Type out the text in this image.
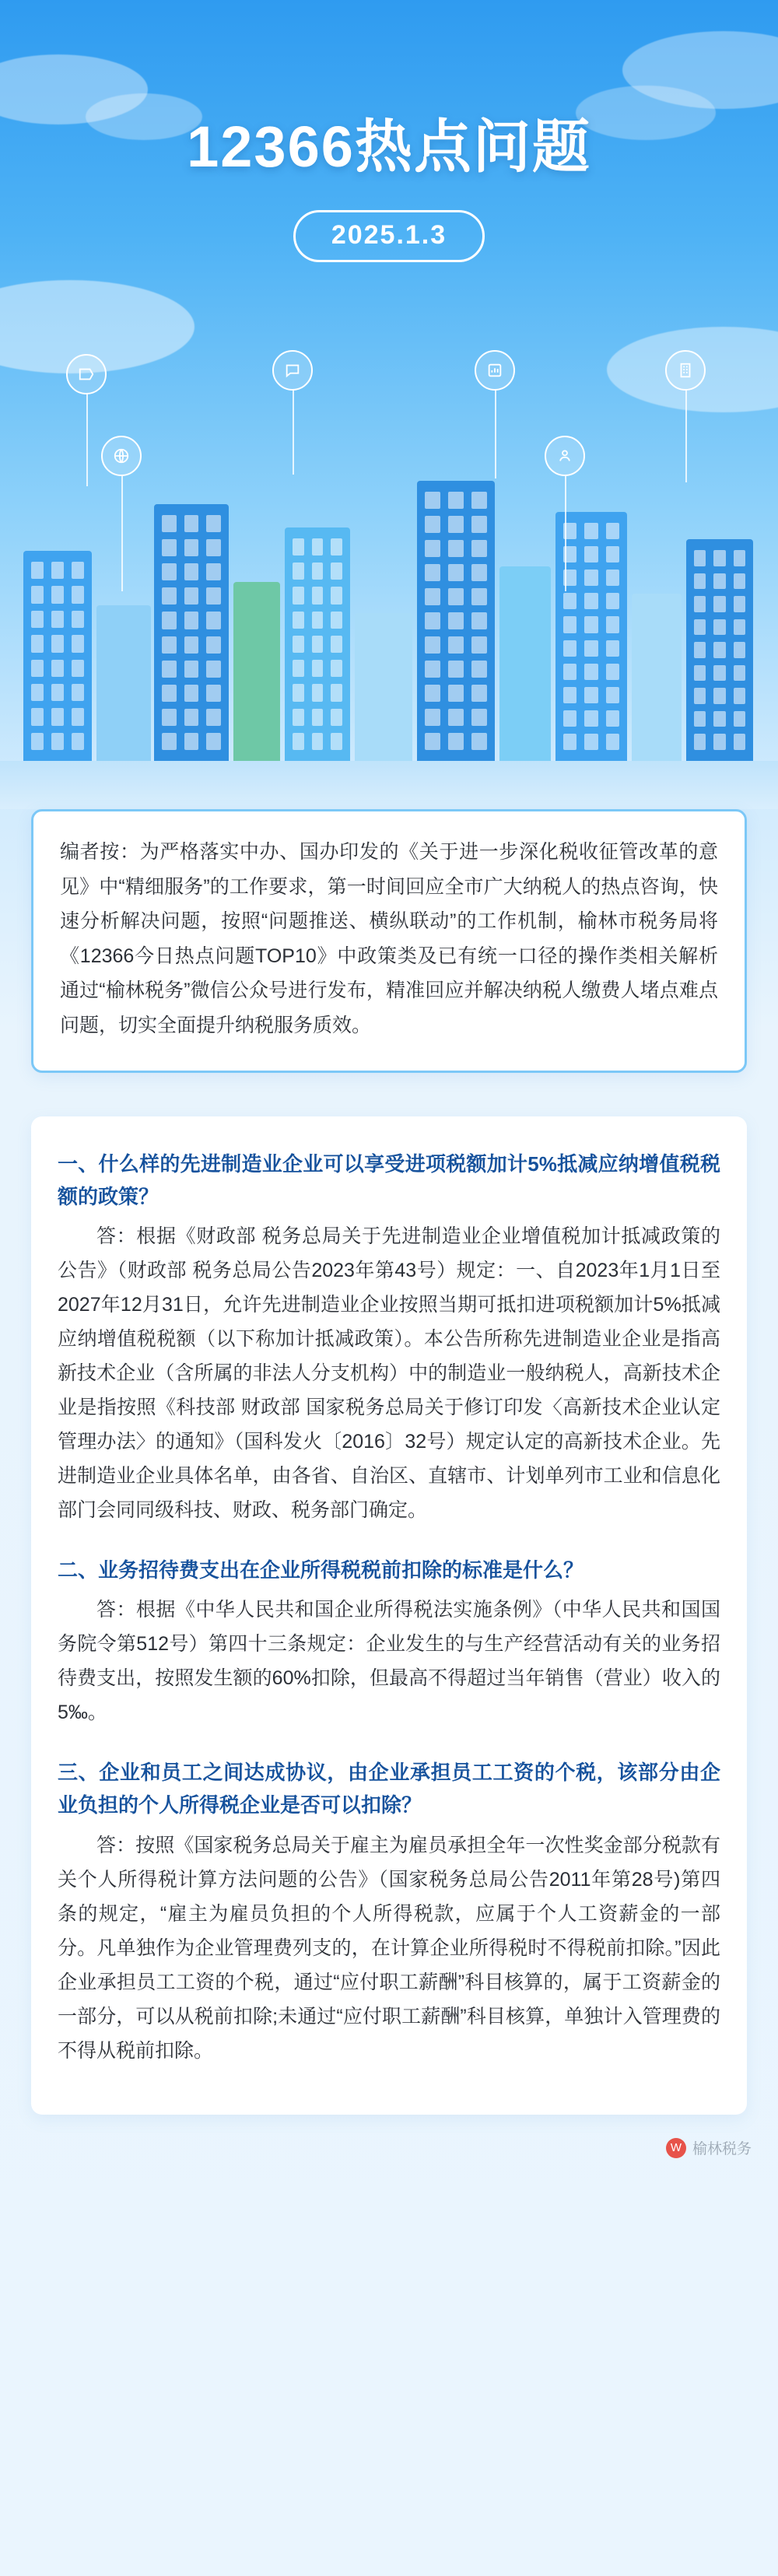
12366热点问题
2025.1.3

编者按：为严格落实中办、国办印发的《关于进一步深化税收征管改革的意见》中“精细服务”的工作要求，第一时间回应全市广大纳税人的热点咨询，快速分析解决问题，按照“问题推送、横纵联动”的工作机制，榆林市税务局将《12366今日热点问题TOP10》中政策类及已有统一口径的操作类相关解析通过“榆林税务”微信公众号进行发布，精准回应并解决纳税人缴费人堵点难点问题，切实全面提升纳税服务质效。

一、什么样的先进制造业企业可以享受进项税额加计5%抵减应纳增值税税额的政策？

答：根据《财政部 税务总局关于先进制造业企业增值税加计抵减政策的公告》（财政部 税务总局公告2023年第43号）规定：一、自2023年1月1日至2027年12月31日，允许先进制造业企业按照当期可抵扣进项税额加计5%抵减应纳增值税税额（以下称加计抵减政策）。本公告所称先进制造业企业是指高新技术企业（含所属的非法人分支机构）中的制造业一般纳税人，高新技术企业是指按照《科技部 财政部 国家税务总局关于修订印发〈高新技术企业认定管理办法〉的通知》（国科发火〔2016〕32号）规定认定的高新技术企业。先进制造业企业具体名单，由各省、自治区、直辖市、计划单列市工业和信息化部门会同同级科技、财政、税务部门确定。

二、业务招待费支出在企业所得税税前扣除的标准是什么？

答：根据《中华人民共和国企业所得税法实施条例》（中华人民共和国国务院令第512号）第四十三条规定：企业发生的与生产经营活动有关的业务招待费支出，按照发生额的60%扣除，但最高不得超过当年销售（营业）收入的5‰。

三、企业和员工之间达成协议，由企业承担员工工资的个税，该部分由企业负担的个人所得税企业是否可以扣除？

答：按照《国家税务总局关于雇主为雇员承担全年一次性奖金部分税款有关个人所得税计算方法问题的公告》（国家税务总局公告2011年第28号)第四条的规定，“雇主为雇员负担的个人所得税款，应属于个人工资薪金的一部分。凡单独作为企业管理费列支的，在计算企业所得税时不得税前扣除。”因此企业承担员工工资的个税，通过“应付职工薪酬”科目核算的，属于工资薪金的一部分，可以从税前扣除;未通过“应付职工薪酬”科目核算，单独计入管理费的不得从税前扣除。

W 榆林税务
